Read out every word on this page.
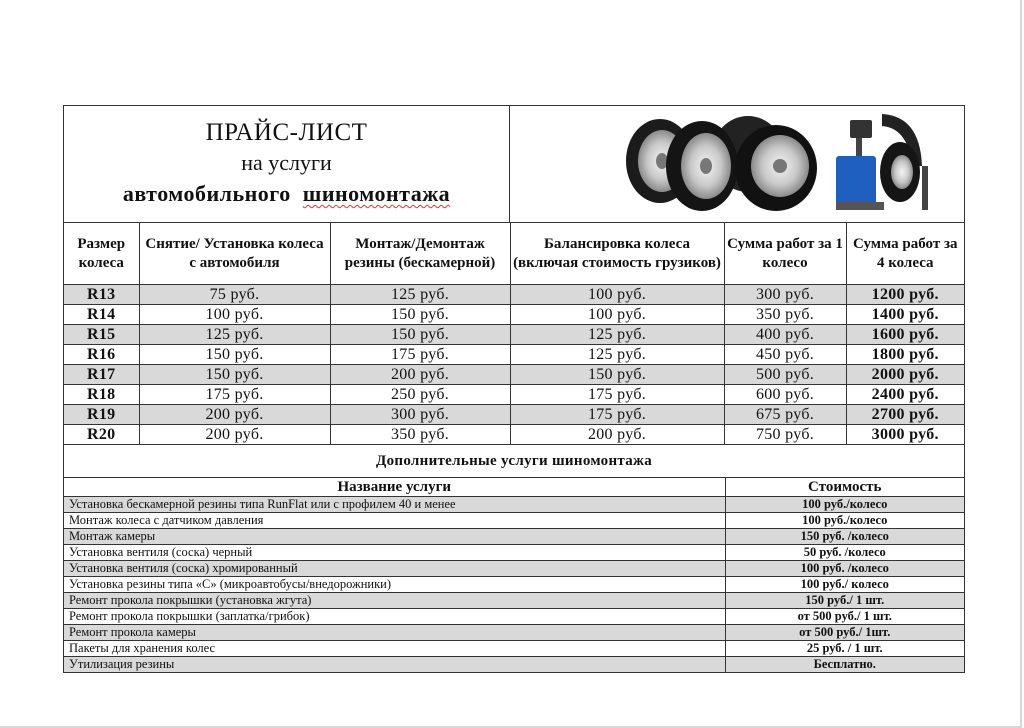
ПРАЙС-ЛИСТ
на услуги
автомобильного шиномонтажа
Размер колеса	Снятие/ Установка колеса с автомобиля	Монтаж/Демонтаж резины (бескамерной)	Балансировка колеса (включая стоимость грузиков)	Сумма работ за 1 колесо	Сумма работ за 4 колеса
R13	75 руб.	125 руб.	100 руб.	300 руб.	1200 руб.
R14	100 руб.	150 руб.	100 руб.	350 руб.	1400 руб.
R15	125 руб.	150 руб.	125 руб.	400 руб.	1600 руб.
R16	150 руб.	175 руб.	125 руб.	450 руб.	1800 руб.
R17	150 руб.	200 руб.	150 руб.	500 руб.	2000 руб.
R18	175 руб.	250 руб.	175 руб.	600 руб.	2400 руб.
R19	200 руб.	300 руб.	175 руб.	675 руб.	2700 руб.
R20	200 руб.	350 руб.	200 руб.	750 руб.	3000 руб.
Дополнительные услуги шиномонтажа
Название услуги	Стоимость
Установка бескамерной резины типа RunFlat или с профилем 40 и менее	100 руб./колесо
Монтаж колеса с датчиком давления	100 руб./колесо
Монтаж камеры	150 руб. /колесо
Установка вентиля (соска) черный	50 руб. /колесо
Установка вентиля (соска) хромированный	100 руб. /колесо
Установка резины типа «С» (микроавтобусы/внедорожники)	100 руб./ колесо
Ремонт прокола покрышки (установка жгута)	150 руб./ 1 шт.
Ремонт прокола покрышки (заплатка/грибок)	от 500 руб./ 1 шт.
Ремонт прокола камеры	от 500 руб./ 1шт.
Пакеты для хранения колес	25 руб. / 1 шт.
Утилизация резины	Бесплатно.
